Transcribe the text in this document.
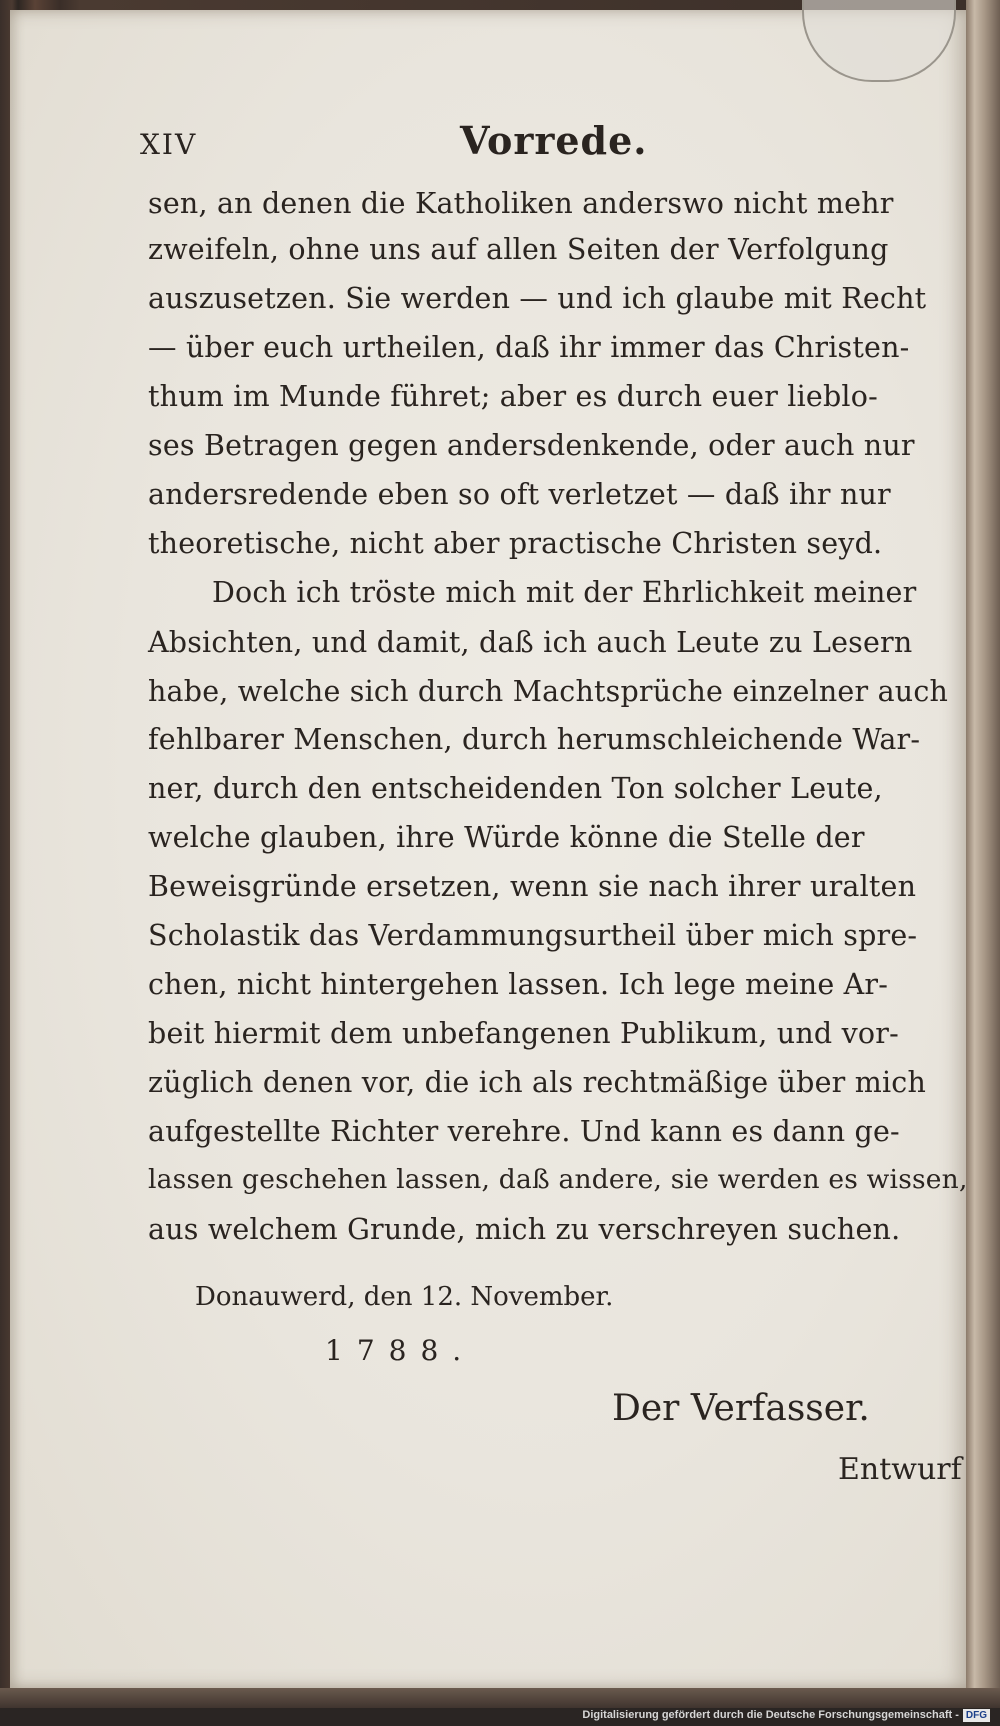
XIV	Vorrede.
sen, an denen die Katholiken anderswo nicht mehr
zweifeln, ohne uns auf allen Seiten der Verfolgung
auszusetzen. Sie werden — und ich glaube mit Recht
— über euch urtheilen, daß ihr immer das Christen-
thum im Munde führet; aber es durch euer lieblo-
ses Betragen gegen andersdenkende, oder auch nur
andersredende eben so oft verletzet — daß ihr nur
theoretische, nicht aber practische Christen seyd.
Doch ich tröste mich mit der Ehrlichkeit meiner
Absichten, und damit, daß ich auch Leute zu Lesern
habe, welche sich durch Machtsprüche einzelner auch
fehlbarer Menschen, durch herumschleichende War-
ner, durch den entscheidenden Ton solcher Leute,
welche glauben, ihre Würde könne die Stelle der
Beweisgründe ersetzen, wenn sie nach ihrer uralten
Scholastik das Verdammungsurtheil über mich spre-
chen, nicht hintergehen lassen. Ich lege meine Ar-
beit hiermit dem unbefangenen Publikum, und vor-
züglich denen vor, die ich als rechtmäßige über mich
aufgestellte Richter verehre. Und kann es dann ge-
lassen geschehen lassen, daß andere, sie werden es wissen,
aus welchem Grunde, mich zu verschreyen suchen.
Donauwerd, den 12. November.
1788.
Der Verfasser.
Entwurf
Digitalisierung gefördert durch die Deutsche Forschungsgemeinschaft - DFG
